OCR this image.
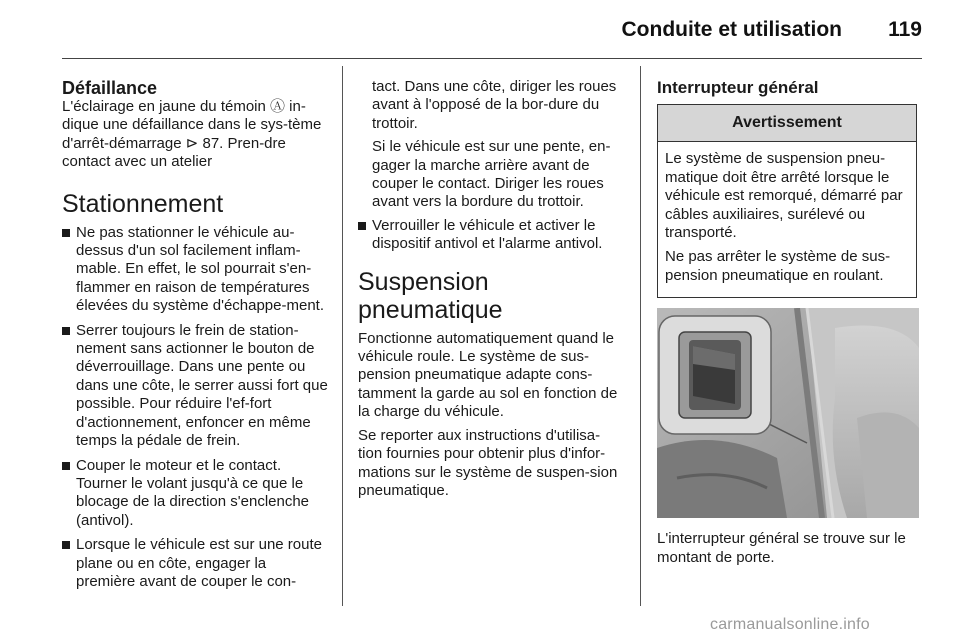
Conduite et utilisation	119
Défaillance

L'éclairage en jaune du témoin Ⓐ in-dique une défaillance dans le sys-tème d'arrêt-démarrage ⊳ 87. Pren-dre contact avec un atelier

Stationnement
Ne pas stationner le véhicule au-dessus d'un sol facilement inflam-mable. En effet, le sol pourrait s'en-flammer en raison de températures élevées du système d'échappe-ment.
Serrer toujours le frein de station-nement sans actionner le bouton de déverrouillage. Dans une pente ou dans une côte, le serrer aussi fort que possible. Pour réduire l'ef-fort d'actionnement, enfoncer en même temps la pédale de frein.
Couper le moteur et le contact. Tourner le volant jusqu'à ce que le blocage de la direction s'enclenche (antivol).
Lorsque le véhicule est sur une route plane ou en côte, engager la première avant de couper le con-

tact. Dans une côte, diriger les roues avant à l'opposé de la bor-dure du trottoir.

Si le véhicule est sur une pente, en-gager la marche arrière avant de couper le contact. Diriger les roues avant vers la bordure du trottoir.

Verrouiller le véhicule et activer le dispositif antivol et l'alarme antivol.
Suspension pneumatique

Fonctionne automatiquement quand le véhicule roule. Le système de sus-pension pneumatique adapte cons-tamment la garde au sol en fonction de la charge du véhicule.

Se reporter aux instructions d'utilisa-tion fournies pour obtenir plus d'infor-mations sur le système de suspen-sion pneumatique.

Interrupteur général
Avertissement

Le système de suspension pneu-matique doit être arrêté lorsque le véhicule est remorqué, démarré par câbles auxiliaires, surélevé ou transporté.

Ne pas arrêter le système de sus-pension pneumatique en roulant.

L'interrupteur général se trouve sur le montant de porte.

carmanualsonline.info
